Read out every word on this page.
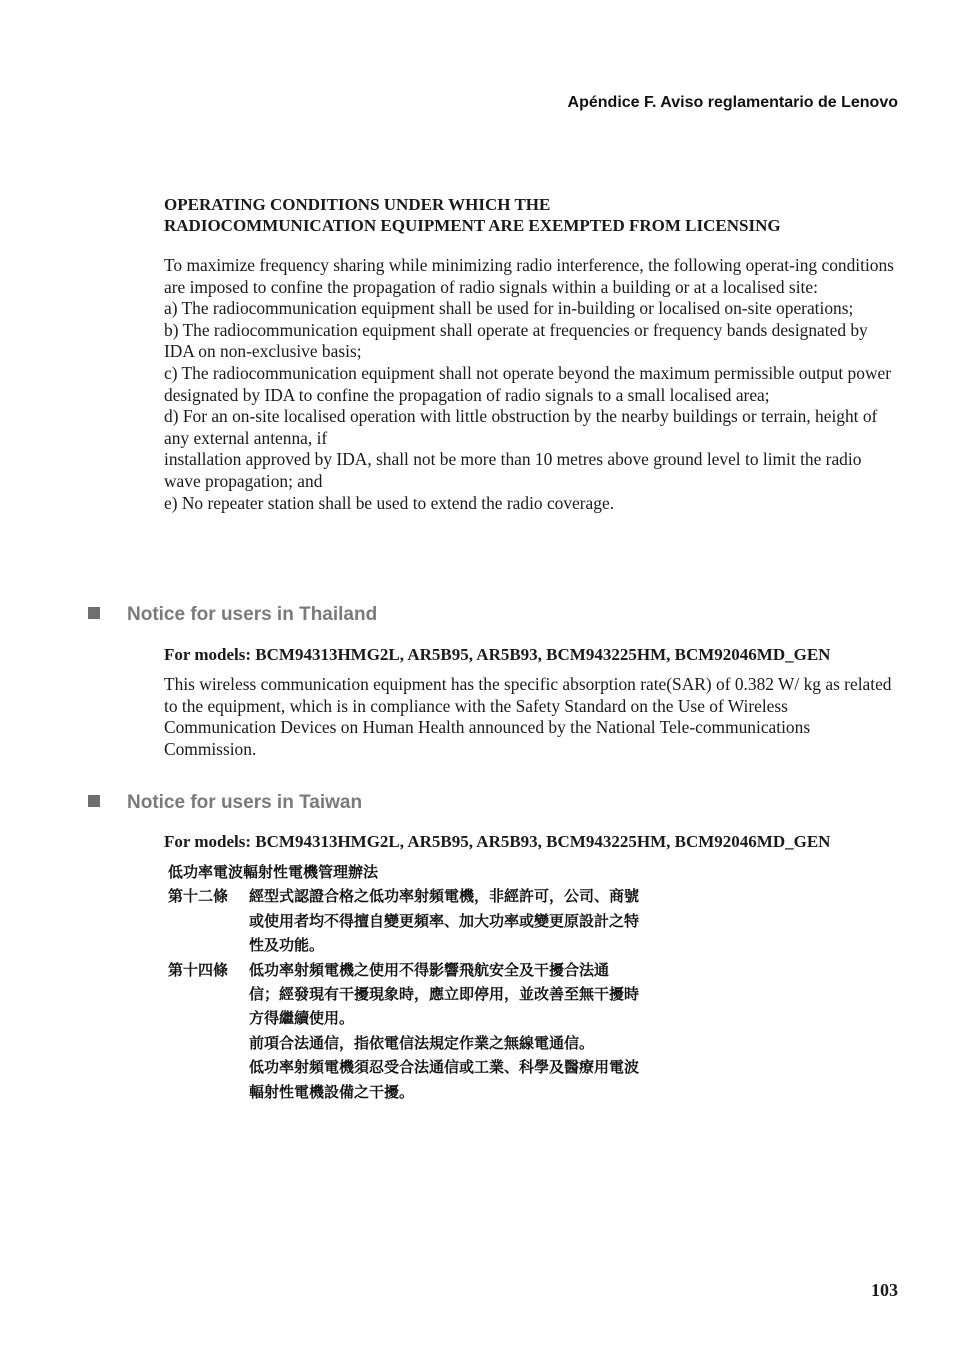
Apéndice F. Aviso reglamentario de Lenovo
OPERATING CONDITIONS UNDER WHICH THE
RADIOCOMMUNICATION EQUIPMENT ARE EXEMPTED FROM LICENSING

To maximize frequency sharing while minimizing radio interference, the following operat-ing conditions are imposed to confine the propagation of radio signals within a building or at a localised site:

a) The radiocommunication equipment shall be used for in-building or localised on-site operations;

b) The radiocommunication equipment shall operate at frequencies or frequency bands designated by IDA on non-exclusive basis;

c) The radiocommunication equipment shall not operate beyond the maximum permissible output power designated by IDA to confine the propagation of radio signals to a small localised area;

d) For an on-site localised operation with little obstruction by the nearby buildings or terrain, height of any external antenna, if

installation approved by IDA, shall not be more than 10 metres above ground level to limit the radio wave propagation; and

e) No repeater station shall be used to extend the radio coverage.

Notice for users in Thailand
For models: BCM94313HMG2L, AR5B95, AR5B93, BCM943225HM, BCM92046MD_GEN

This wireless communication equipment has the specific absorption rate(SAR) of 0.382 W/ kg as related to the equipment, which is in compliance with the Safety Standard on the Use of Wireless Communication Devices on Human Health announced by the National Tele-communications Commission.

Notice for users in Taiwan
For models: BCM94313HMG2L, AR5B95, AR5B93, BCM943225HM, BCM92046MD_GEN
低功率電波輻射性電機管理辦法
第十二條	經型式認證合格之低功率射頻電機，非經許可，公司、商號
或使用者均不得擅自變更頻率、加大功率或變更原設計之特
性及功能。
第十四條	低功率射頻電機之使用不得影響飛航安全及干擾合法通
信；經發現有干擾現象時，應立即停用，並改善至無干擾時
方得繼續使用。
前項合法通信，指依電信法規定作業之無線電通信。
低功率射頻電機須忍受合法通信或工業、科學及醫療用電波
輻射性電機設備之干擾。
103
